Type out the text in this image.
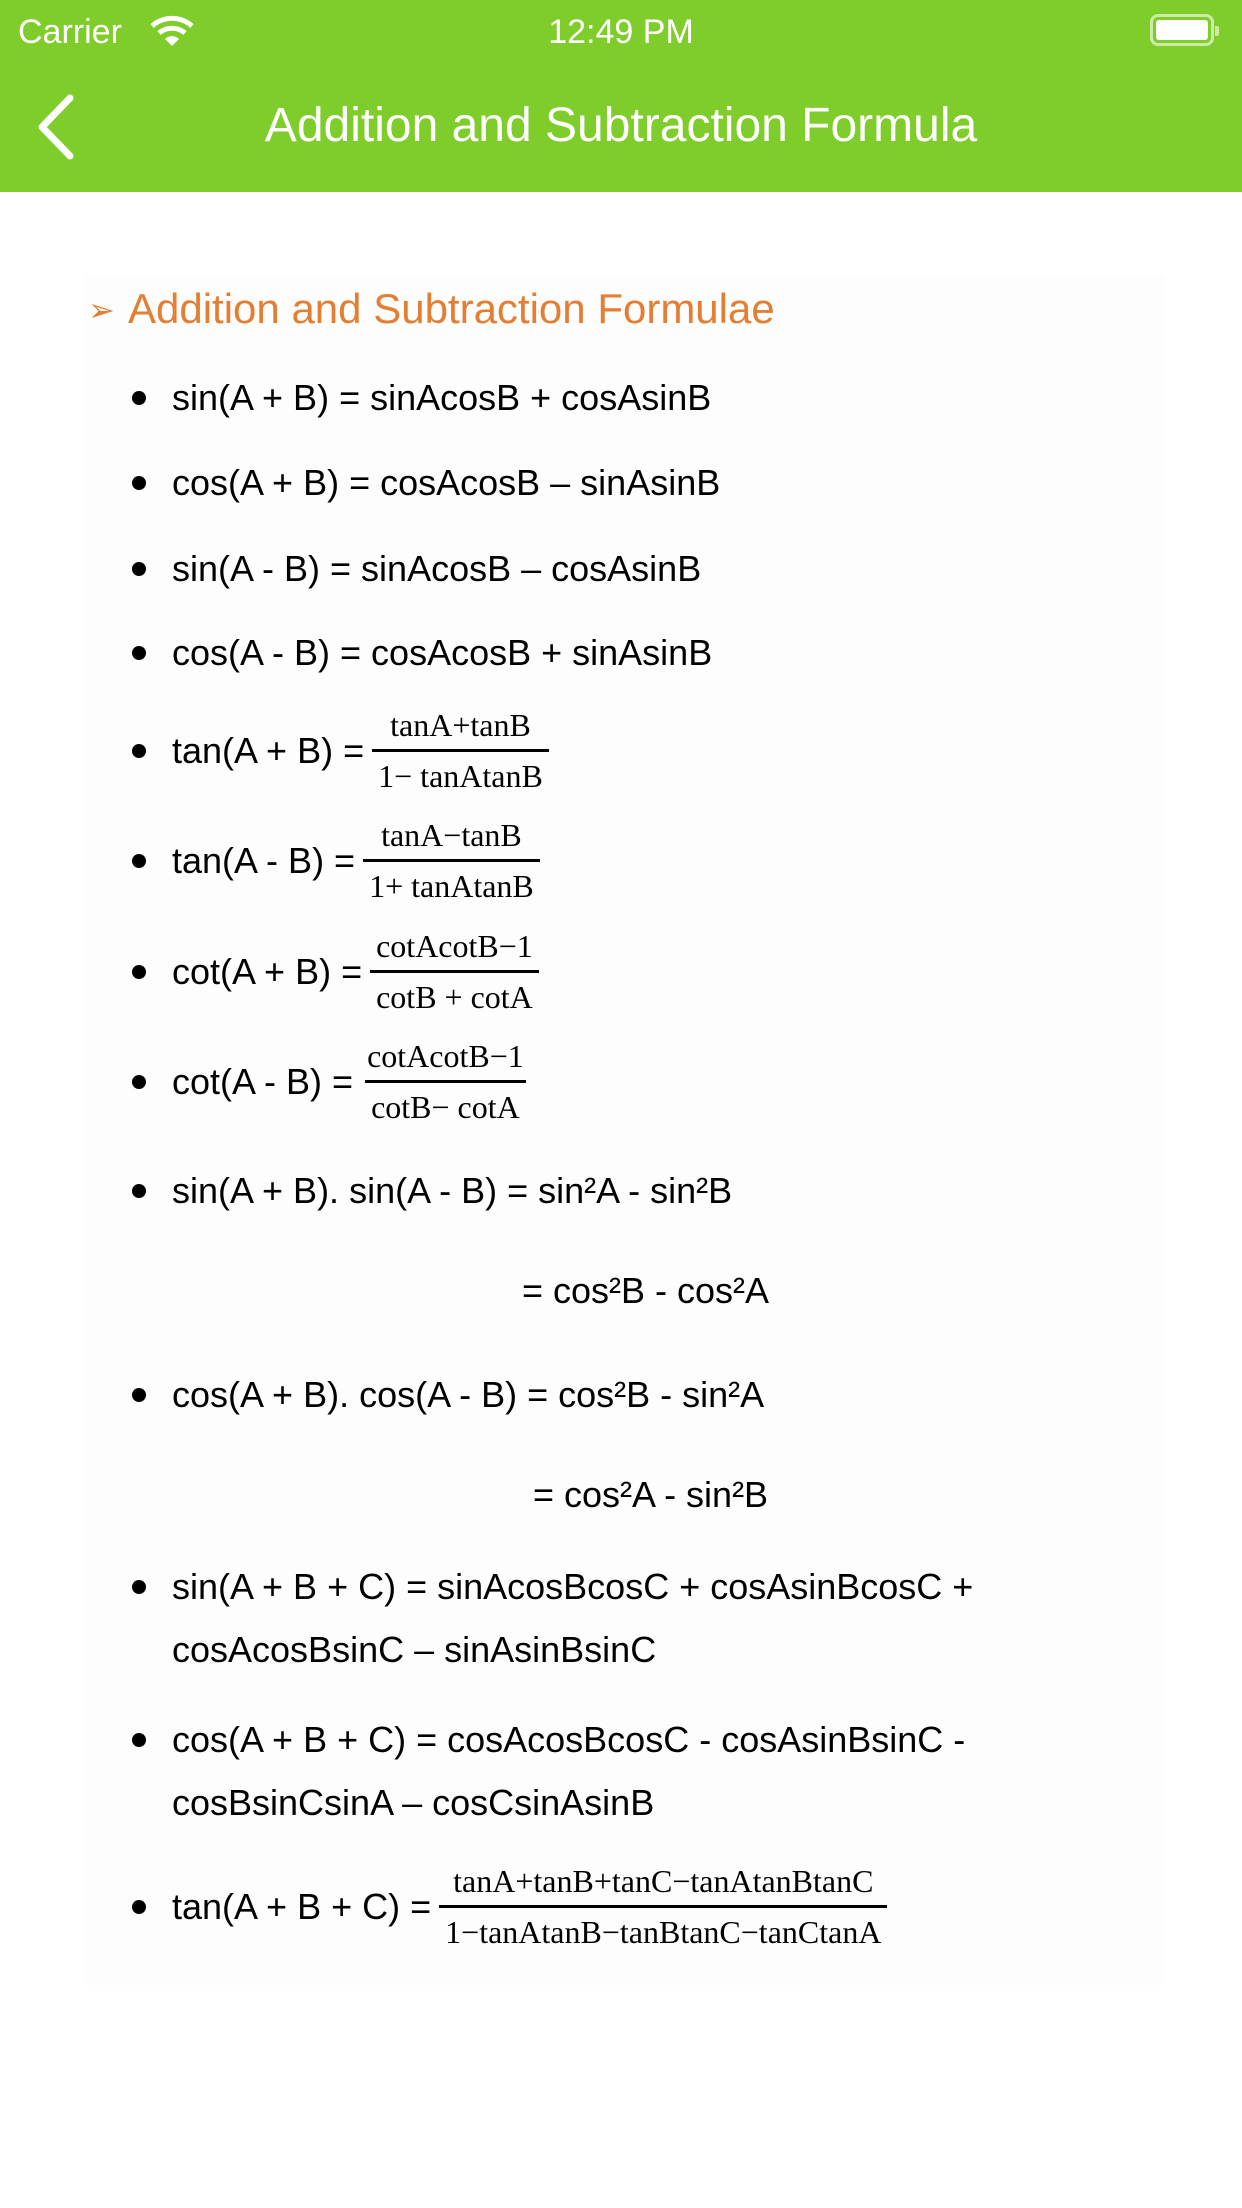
Carrier	12:49 PM
Addition and Subtraction Formula
➢ Addition and Subtraction Formulae
sin(A + B) = sinAcosB + cosAsinB
cos(A + B) = cosAcosB – sinAsinB
sin(A - B) = sinAcosB – cosAsinB
cos(A - B) = cosAcosB + sinAsinB
$\tan(A + B) = \frac{\tan A+\tan B}{\text{1− tanAtanB}}$
$\tan(A - B) = \frac{\tan A-\tan B}{\text{1+ tanAtanB}}$
$\cot(A + B) = \frac{\text{cotAcotB−1}}{\cot B + \cot A}$
$\cot(A - B) = \frac{\text{cotAcotB−1}}{\cot B- \cot A}$
sin(A + B). sin(A - B) = sin²A - sin²B
= cos²B - cos²A
cos(A + B). cos(A - B) = cos²B - sin²A
= cos²A - sin²B
sin(A + B + C) = sinAcosBcosC + cosAsinBcosC +
cosAcosBsinC – sinAsinBsinC
cos(A + B + C) = cosAcosBcosC - cosAsinBsinC -
cosBsinCsinA – cosCsinAsinB
$\tan(A + B + C) = \frac{\text{tanA+tanB+tanC−tanAtanBtanC}}{\text{1−tanAtanB−tanBtanC−tanCtanA}}$
